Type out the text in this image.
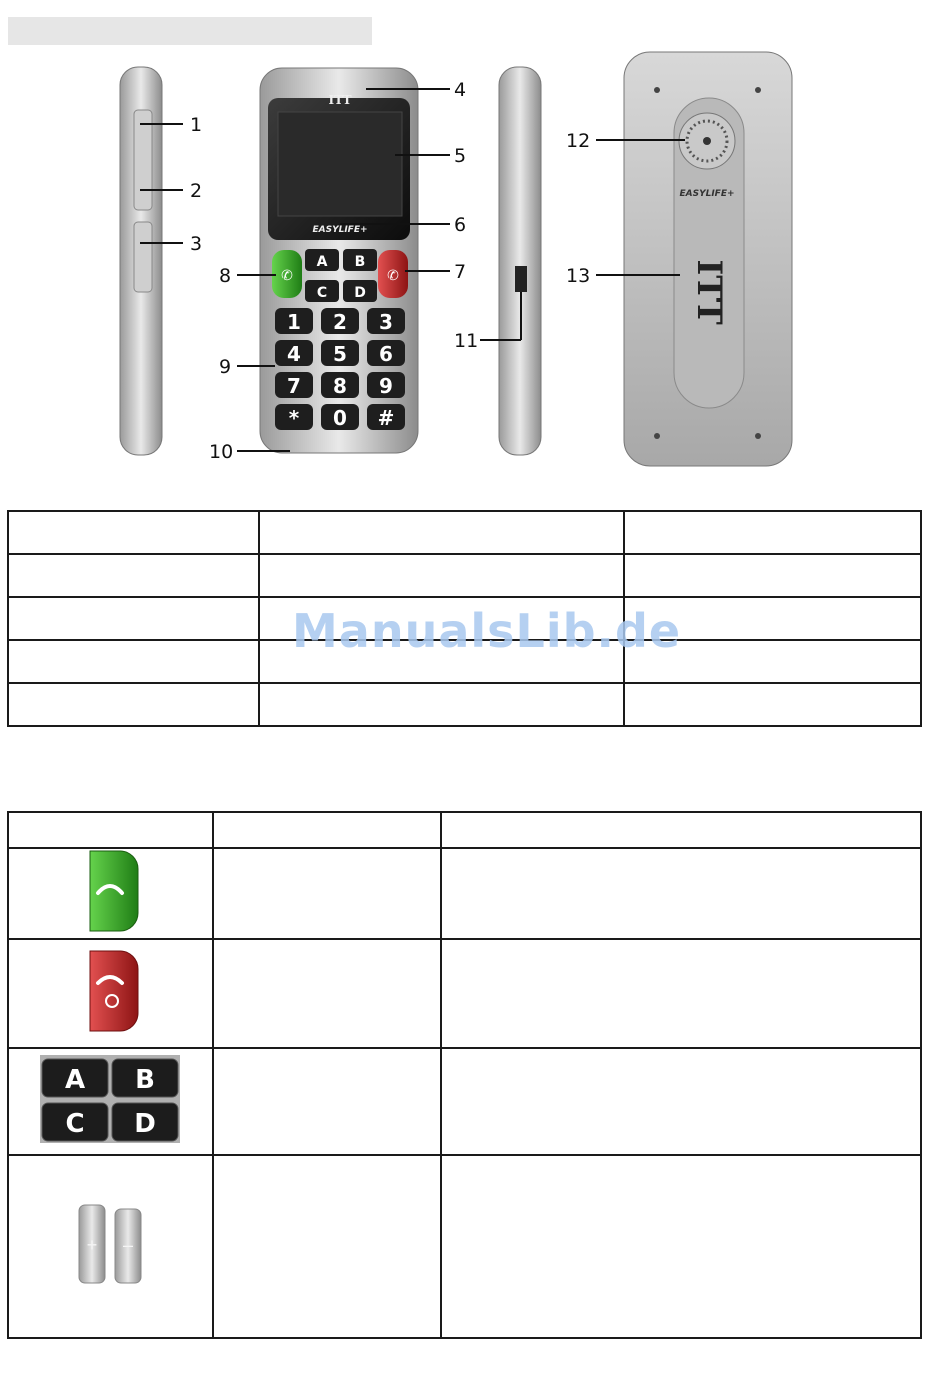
ITT
EASYLIFE+
✆	✆
A B
C D
1 2 3
4 5 6
7 8 9
* 0 #
EASYLIFE+
ITT
1
2
3
4
5
6
7
8
9
10
11
12
13

ManualsLib.de

A B
C D		

+ –		
